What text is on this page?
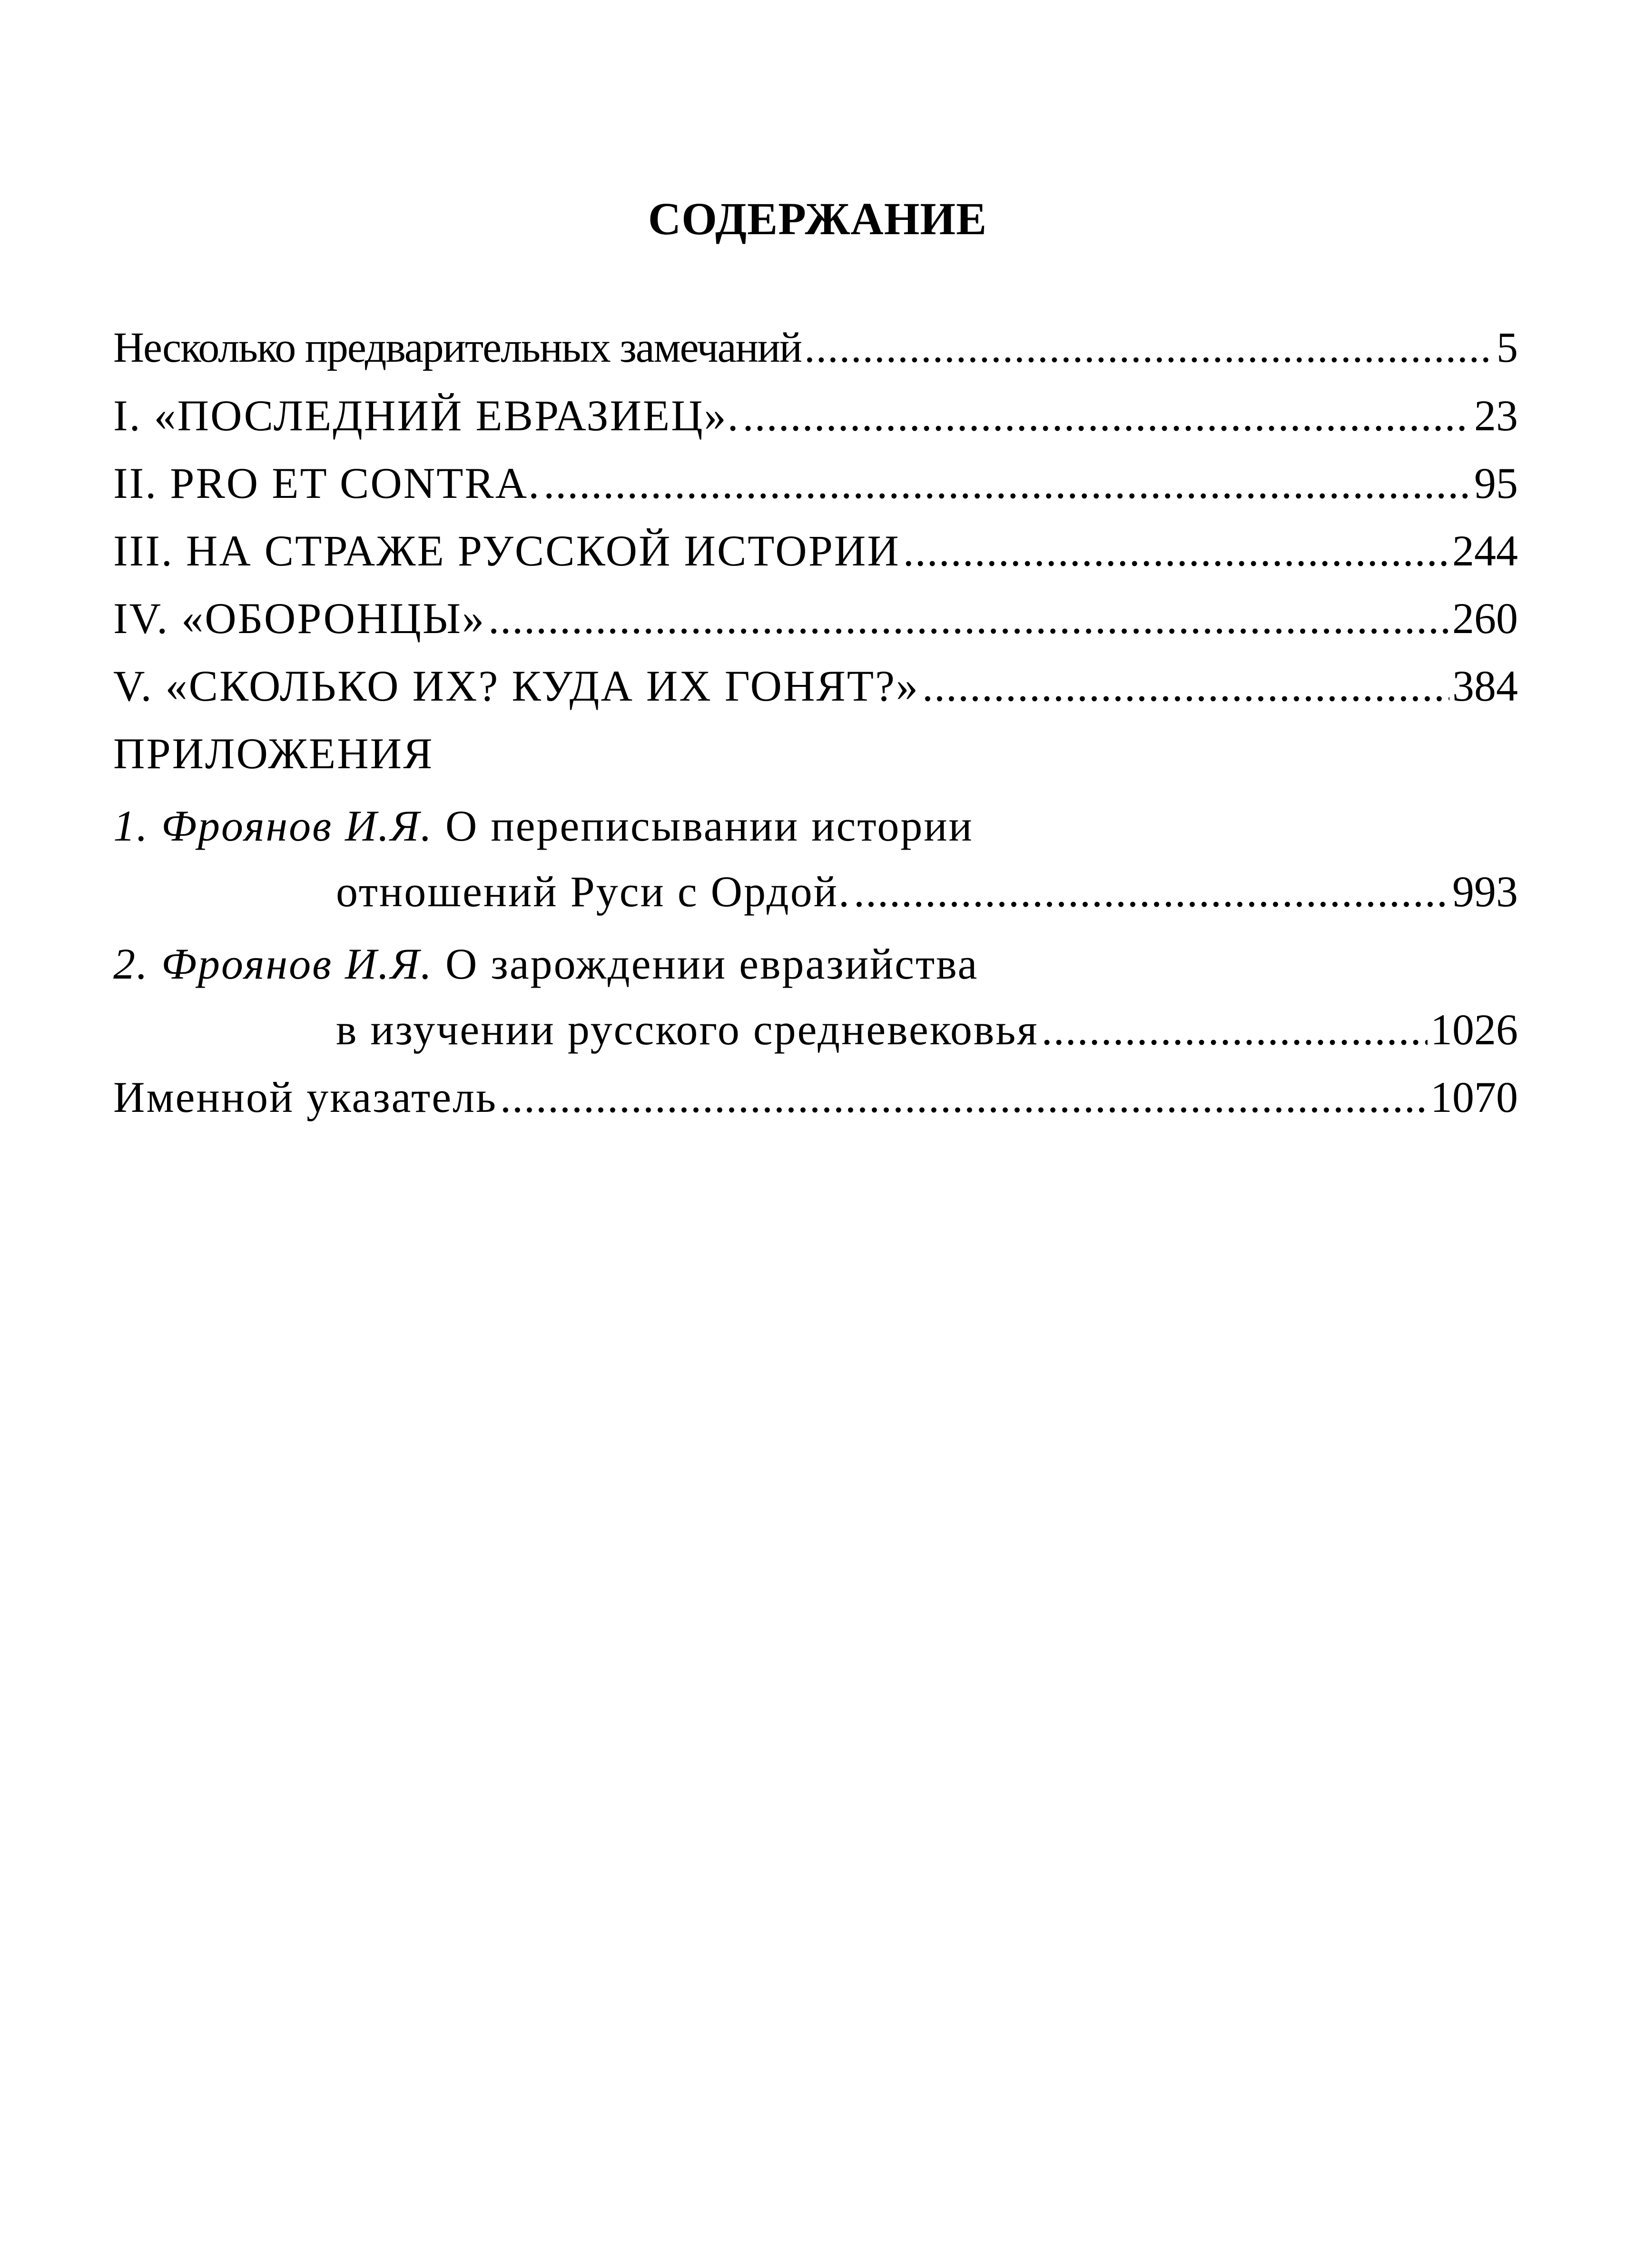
СОДЕРЖАНИЕ
Несколько предварительных замечаний .....	5
I. «ПОСЛЕДНИЙ ЕВРАЗИЕЦ». .....	23
II. PRO ET CONTRA. .....	95
III. НА СТРАЖЕ РУССКОЙ ИСТОРИИ .....	244
IV. «ОБОРОНЦЫ» .....	260
V. «СКОЛЬКО ИХ? КУДА ИХ ГОНЯТ?» .....	384
ПРИЛОЖЕНИЯ
1. Фроянов И.Я. О переписывании истории
отношений Руси с Ордой. .....	993
2. Фроянов И.Я. О зарождении евразийства
в изучении русского средневековья .....	1026
Именной указатель .....	1070
